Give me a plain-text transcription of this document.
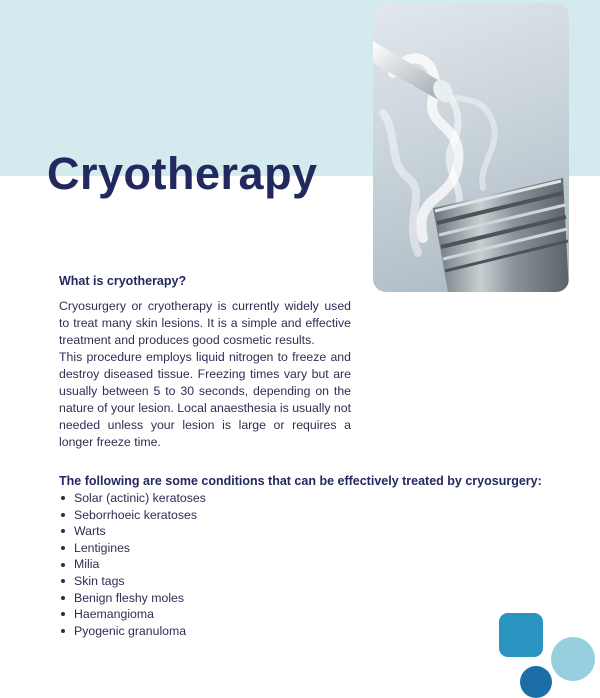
Cryotherapy
What is cryotherapy?

Cryosurgery or cryotherapy is currently widely used to treat many skin lesions. It is a simple and effective treatment and produces good cosmetic results.

This procedure employs liquid nitrogen to freeze and destroy diseased tissue. Freezing times vary but are usually between 5 to 30 seconds, depending on the nature of your lesion. Local anaesthesia is usually not needed unless your lesion is large or requires a longer freeze time.

The following are some conditions that can be effectively treated by cryosurgery:
Solar (actinic) keratoses
Seborrhoeic keratoses
Warts
Lentigines
Milia
Skin tags
Benign fleshy moles
Haemangioma
Pyogenic granuloma
